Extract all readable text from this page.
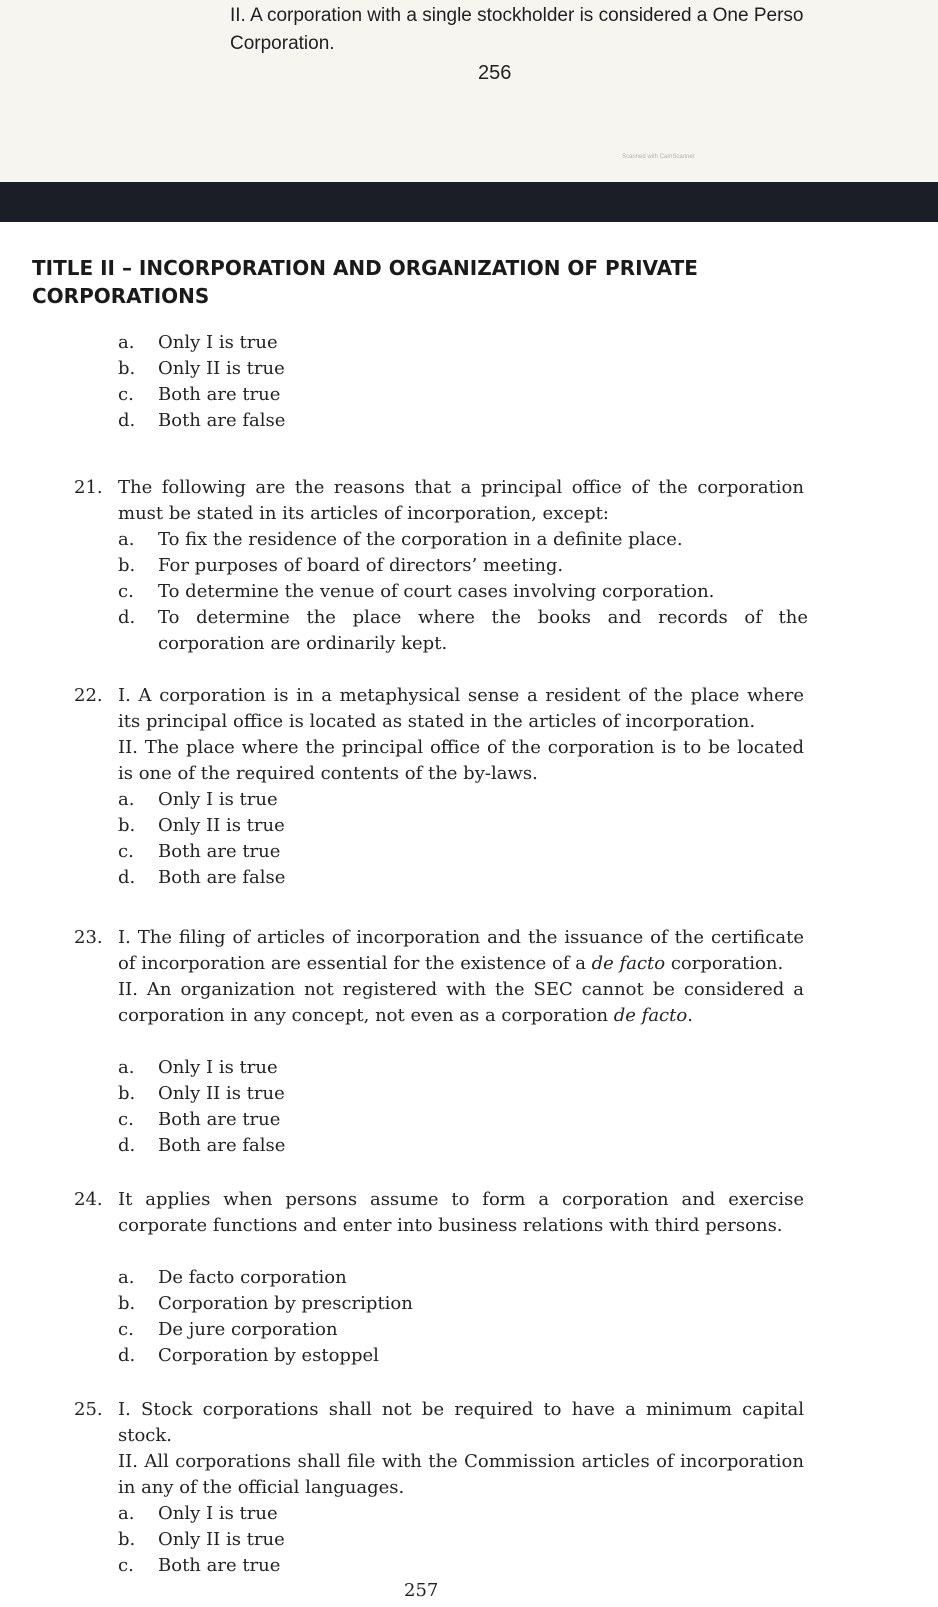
II. A corporation with a single stockholder is considered a One Perso
Corporation.
256
Scanned with CamScanner
TITLE II – INCORPORATION AND ORGANIZATION OF PRIVATE
CORPORATIONS
a.	Only I is true
b.	Only II is true
c.	Both are true
d.	Both are false
21. The following are the reasons that a principal office of the corporation must be stated in its articles of incorporation, except:

a.	To fix the residence of the corporation in a definite place.
b.	For purposes of board of directors’ meeting.
c.	To determine the venue of court cases involving corporation.
d.	To determine the place where the books and records of the corporation are ordinarily kept.
22. I. A corporation is in a metaphysical sense a resident of the place where its principal office is located as stated in the articles of incorporation.

II. The place where the principal office of the corporation is to be located is one of the required contents of the by-laws.

a.	Only I is true
b.	Only II is true
c.	Both are true
d.	Both are false
23. I. The filing of articles of incorporation and the issuance of the certificate of incorporation are essential for the existence of a de facto corporation.

II. An organization not registered with the SEC cannot be considered a corporation in any concept, not even as a corporation de facto.

a.	Only I is true
b.	Only II is true
c.	Both are true
d.	Both are false
24. It applies when persons assume to form a corporation and exercise corporate functions and enter into business relations with third persons.

a.	De facto corporation
b.	Corporation by prescription
c.	De jure corporation
d.	Corporation by estoppel
25. I. Stock corporations shall not be required to have a minimum capital stock.

II. All corporations shall file with the Commission articles of incorporation in any of the official languages.

a.	Only I is true
b.	Only II is true
c.	Both are true
257
